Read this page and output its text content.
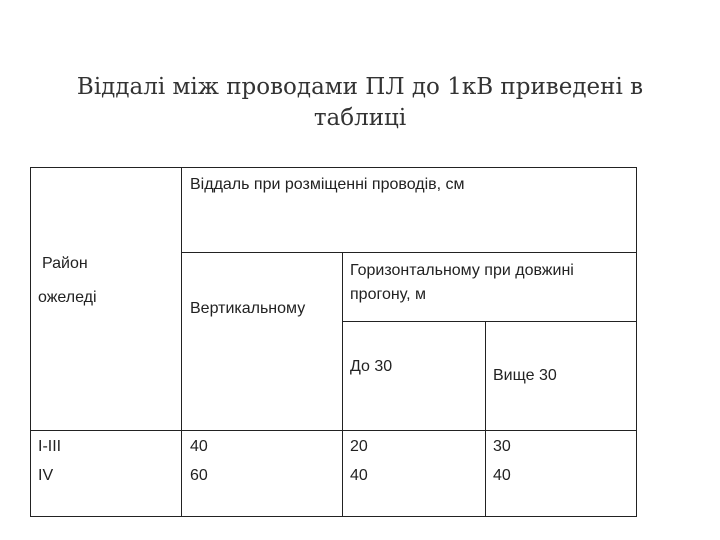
Віддалі між проводами ПЛ до 1кВ приведені в
таблиці
Віддаль при розміщенні проводів, см
Район
ожеледі
Вертикальному
Горизонтальному при довжині
прогону, м
До 30
Вище 30
I-III
IV
40
60
20
40
30
40
